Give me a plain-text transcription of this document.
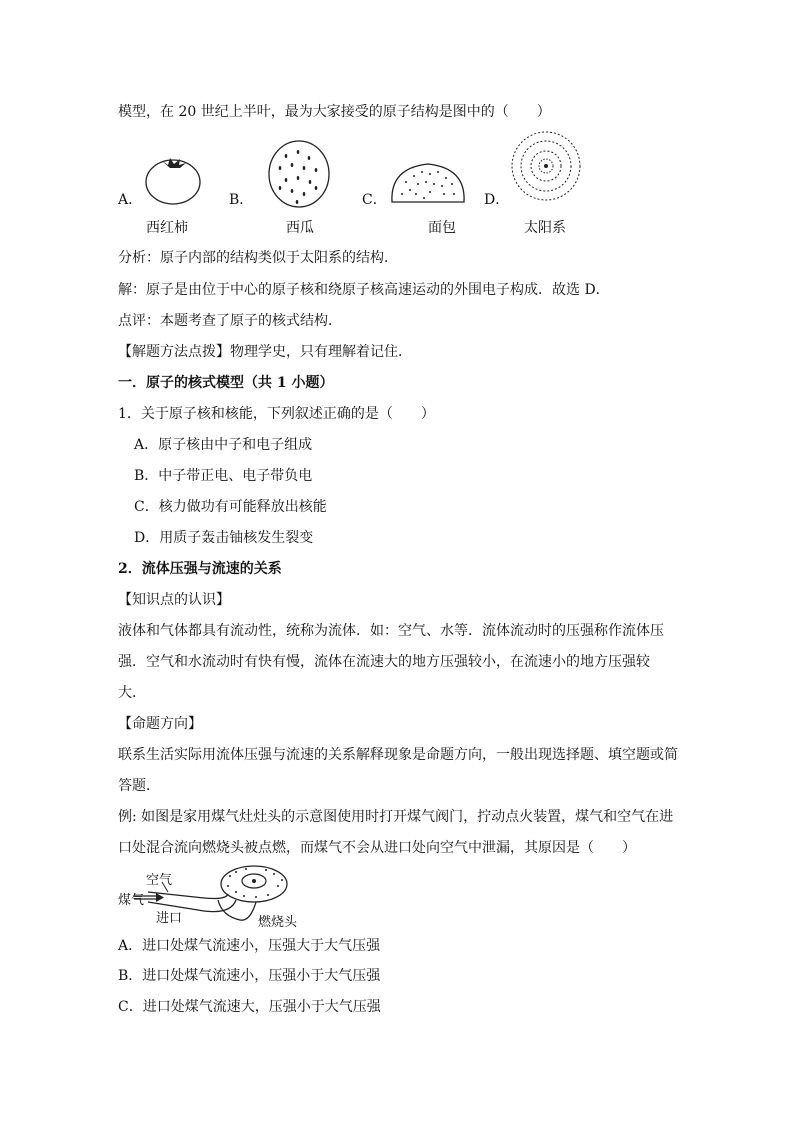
模型，在 20 世纪上半叶，最为大家接受的原子结构是图中的（　　）
A．
西红柿
B．
西瓜
C．
面包
D．
太阳系
分析：原子内部的结构类似于太阳系的结构．
解：原子是由位于中心的原子核和绕原子核高速运动的外围电子构成．故选 D．
点评：本题考查了原子的核式结构．
【解题方法点拨】物理学史，只有理解着记住．
一．原子的核式模型（共 1 小题）
1．关于原子核和核能，下列叙述正确的是（　　）
A．原子核由中子和电子组成
B．中子带正电、电子带负电
C．核力做功有可能释放出核能
D．用质子轰击铀核发生裂变
2．流体压强与流速的关系
【知识点的认识】
液体和气体都具有流动性，统称为流体．如：空气、水等．流体流动时的压强称作流体压
强．空气和水流动时有快有慢，流体在流速大的地方压强较小，在流速小的地方压强较
大．
【命题方向】
联系生活实际用流体压强与流速的关系解释现象是命题方向，一般出现选择题、填空题或简
答题．
例: 如图是家用煤气灶灶头的示意图使用时打开煤气阀门，拧动点火装置，煤气和空气在进
口处混合流向燃烧头被点燃，而煤气不会从进口处向空气中泄漏，其原因是（　　）
空气
煤气
进口	燃烧头
A．进口处煤气流速小，压强大于大气压强
B．进口处煤气流速小，压强小于大气压强
C．进口处煤气流速大，压强小于大气压强
